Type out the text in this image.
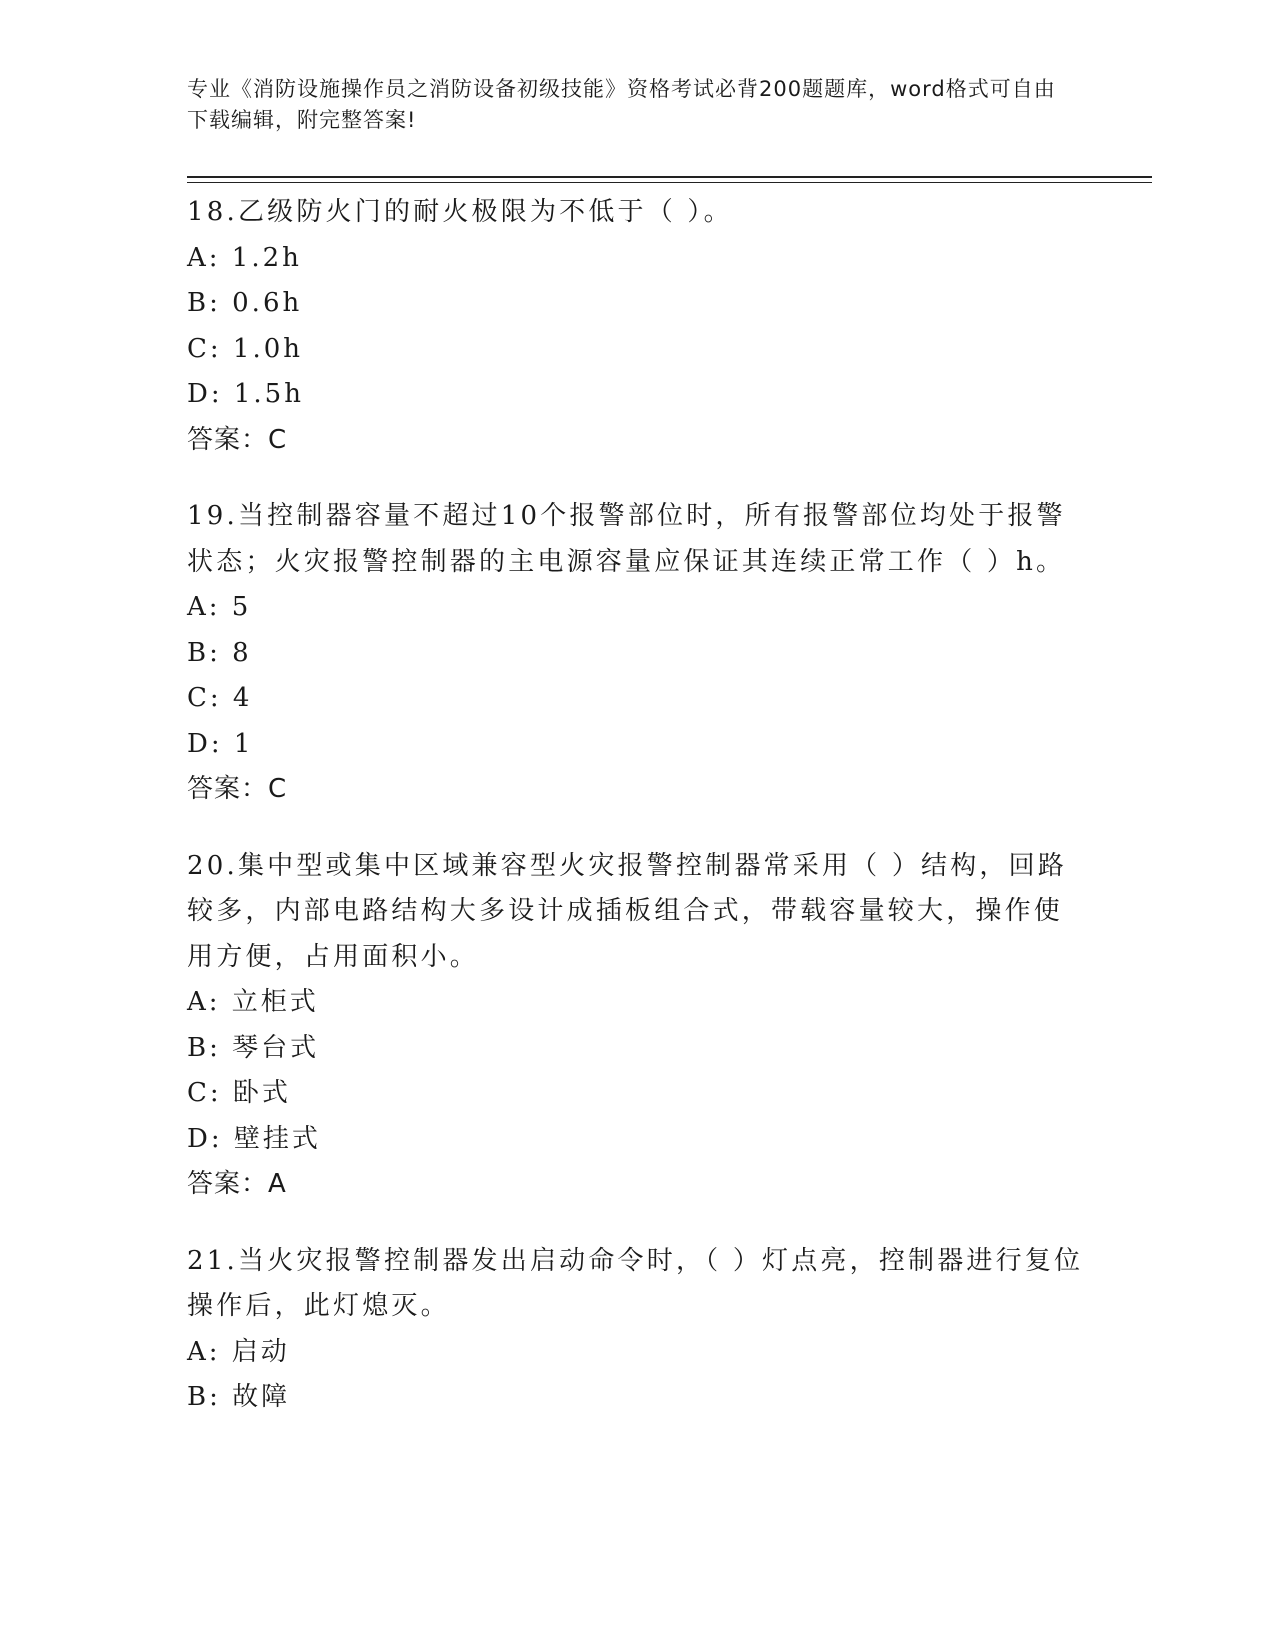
专业《消防设施操作员之消防设备初级技能》资格考试必背200题题库，word格式可自由下载编辑，附完整答案!

18.乙级防火门的耐火极限为不低于（ ）。

A: 1.2h

B: 0.6h

C: 1.0h

D: 1.5h

答案：C

19.当控制器容量不超过10个报警部位时，所有报警部位均处于报警状态；火灾报警控制器的主电源容量应保证其连续正常工作（ ）h。

A: 5

B: 8

C: 4

D: 1

答案：C

20.集中型或集中区域兼容型火灾报警控制器常采用（ ）结构，回路较多，内部电路结构大多设计成插板组合式，带载容量较大，操作使用方便，占用面积小。

A: 立柜式

B: 琴台式

C: 卧式

D: 壁挂式

答案：A

21.当火灾报警控制器发出启动命令时，（ ）灯点亮，控制器进行复位操作后，此灯熄灭。

A: 启动

B: 故障
